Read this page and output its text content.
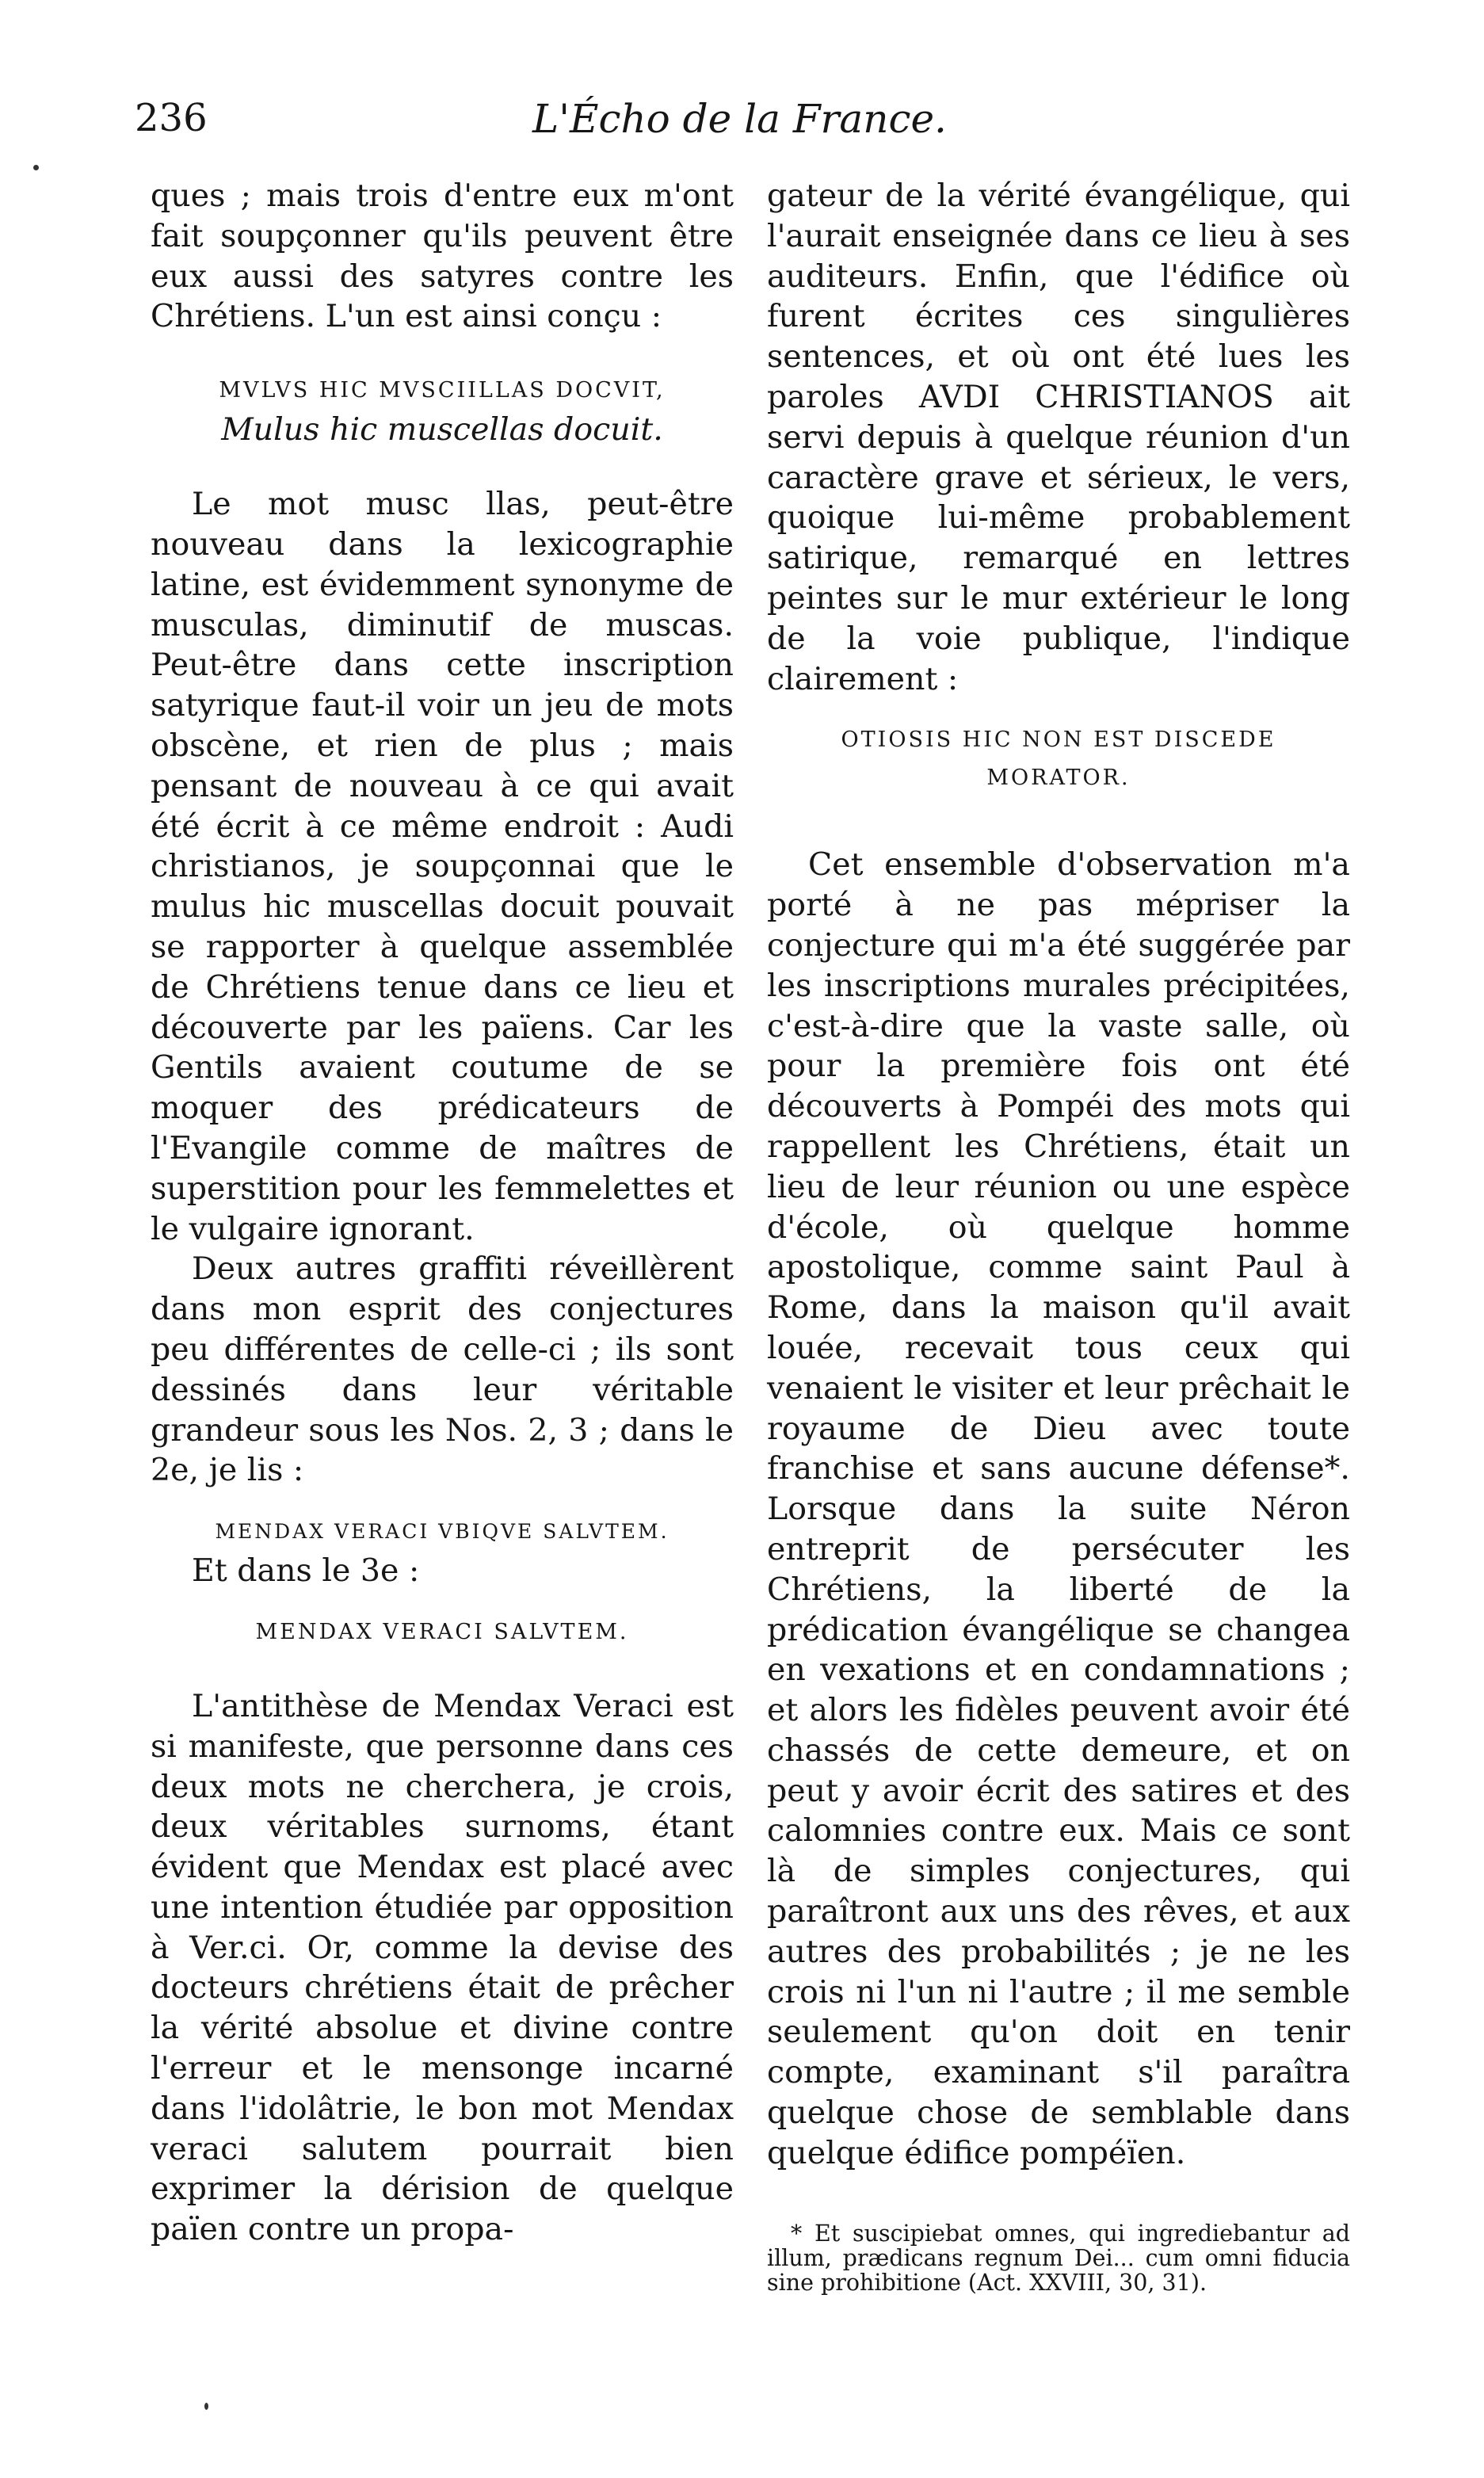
236	L'Écho de la France.

ques ; mais trois d'entre eux m'ont fait soupçonner qu'ils peuvent être eux aussi des satyres contre les Chrétiens. L'un est ainsi conçu :

MVLVS HIC MVSCIILLAS DOCVIT,

Mulus hic muscellas docuit.

Le mot musc llas, peut-être nouveau dans la lexicographie latine, est évidemment synonyme de musculas, diminutif de muscas. Peut-être dans cette inscription satyrique faut-il voir un jeu de mots obscène, et rien de plus ; mais pensant de nouveau à ce qui avait été écrit à ce même endroit : Audi christianos, je soupçonnai que le mulus hic muscellas docuit pouvait se rapporter à quelque assemblée de Chrétiens tenue dans ce lieu et découverte par les païens. Car les Gentils avaient coutume de se moquer des prédicateurs de l'Evangile comme de maîtres de superstition pour les femmelettes et le vulgaire ignorant.

Deux autres graffiti réveillèrent dans mon esprit des conjectures peu différentes de celle-ci ; ils sont dessinés dans leur véritable grandeur sous les Nos. 2, 3 ; dans le 2e, je lis :

MENDAX VERACI VBIQVE SALVTEM.

Et dans le 3e :

MENDAX VERACI SALVTEM.

L'antithèse de Mendax Veraci est si manifeste, que personne dans ces deux mots ne cherchera, je crois, deux véritables surnoms, étant évident que Mendax est placé avec une intention étudiée par opposition à Ver.ci. Or, comme la devise des docteurs chrétiens était de prêcher la vérité absolue et divine contre l'erreur et le mensonge incarné dans l'idolâtrie, le bon mot Mendax veraci salutem pourrait bien exprimer la dérision de quelque païen contre un propa-

gateur de la vérité évangélique, qui l'aurait enseignée dans ce lieu à ses auditeurs. Enfin, que l'édifice où furent écrites ces singulières sentences, et où ont été lues les paroles AVDI CHRISTIANOS ait servi depuis à quelque réunion d'un caractère grave et sérieux, le vers, quoique lui-même probablement satirique, remarqué en lettres peintes sur le mur extérieur le long de la voie publique, l'indique clairement :

OTIOSIS HIC NON EST DISCEDE

MORATOR.

Cet ensemble d'observation m'a porté à ne pas mépriser la conjecture qui m'a été suggérée par les inscriptions murales précipitées, c'est-à-dire que la vaste salle, où pour la première fois ont été découverts à Pompéi des mots qui rappellent les Chrétiens, était un lieu de leur réunion ou une espèce d'école, où quelque homme apostolique, comme saint Paul à Rome, dans la maison qu'il avait louée, recevait tous ceux qui venaient le visiter et leur prêchait le royaume de Dieu avec toute franchise et sans aucune défense*. Lorsque dans la suite Néron entreprit de persécuter les Chrétiens, la liberté de la prédication évangélique se changea en vexations et en condamnations ; et alors les fidèles peuvent avoir été chassés de cette demeure, et on peut y avoir écrit des satires et des calomnies contre eux. Mais ce sont là de simples conjectures, qui paraîtront aux uns des rêves, et aux autres des probabilités ; je ne les crois ni l'un ni l'autre ; il me semble seulement qu'on doit en tenir compte, examinant s'il paraîtra quelque chose de semblable dans quelque édifice pompéïen.

* Et suscipiebat omnes, qui ingrediebantur ad illum, prædicans regnum Dei... cum omni fiducia sine prohibitione (Act. XXVIII, 30, 31).
